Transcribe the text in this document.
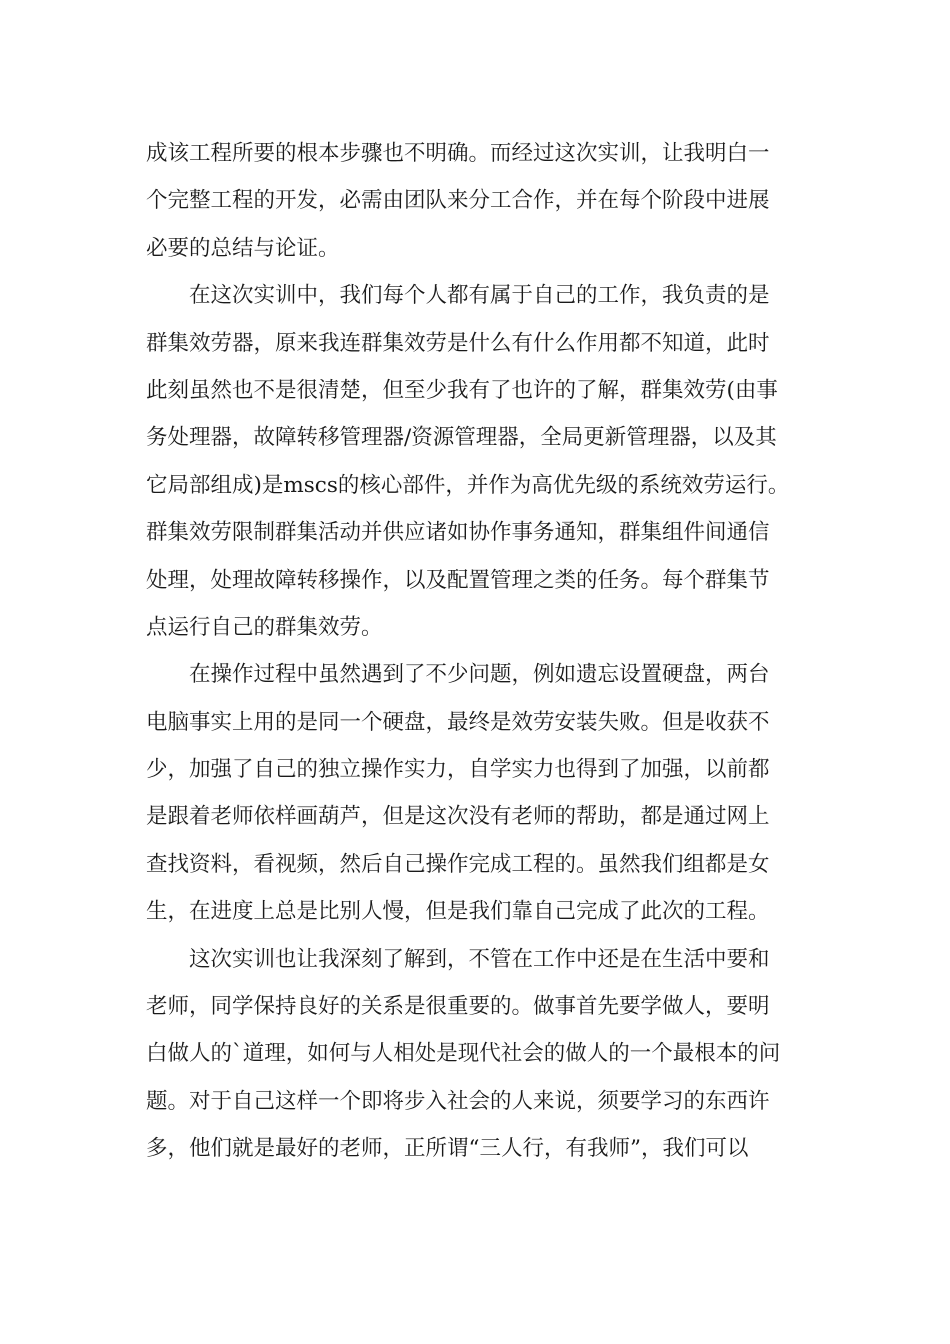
成该工程所要的根本步骤也不明确。而经过这次实训，让我明白一
个完整工程的开发，必需由团队来分工合作，并在每个阶段中进展
必要的总结与论证。
在这次实训中，我们每个人都有属于自己的工作，我负责的是
群集效劳器，原来我连群集效劳是什么有什么作用都不知道，此时
此刻虽然也不是很清楚，但至少我有了也许的了解，群集效劳(由事
务处理器，故障转移管理器/资源管理器，全局更新管理器，以及其
它局部组成)是mscs的核心部件，并作为高优先级的系统效劳运行。
群集效劳限制群集活动并供应诸如协作事务通知，群集组件间通信
处理，处理故障转移操作，以及配置管理之类的任务。每个群集节
点运行自己的群集效劳。
在操作过程中虽然遇到了不少问题，例如遗忘设置硬盘，两台
电脑事实上用的是同一个硬盘，最终是效劳安装失败。但是收获不
少，加强了自己的独立操作实力，自学实力也得到了加强，以前都
是跟着老师依样画葫芦，但是这次没有老师的帮助，都是通过网上
查找资料，看视频，然后自己操作完成工程的。虽然我们组都是女
生，在进度上总是比别人慢，但是我们靠自己完成了此次的工程。
这次实训也让我深刻了解到，不管在工作中还是在生活中要和
老师，同学保持良好的关系是很重要的。做事首先要学做人，要明
白做人的`道理，如何与人相处是现代社会的做人的一个最根本的问
题。对于自己这样一个即将步入社会的人来说，须要学习的东西许
多，他们就是最好的老师，正所谓“三人行，有我师”，我们可以
